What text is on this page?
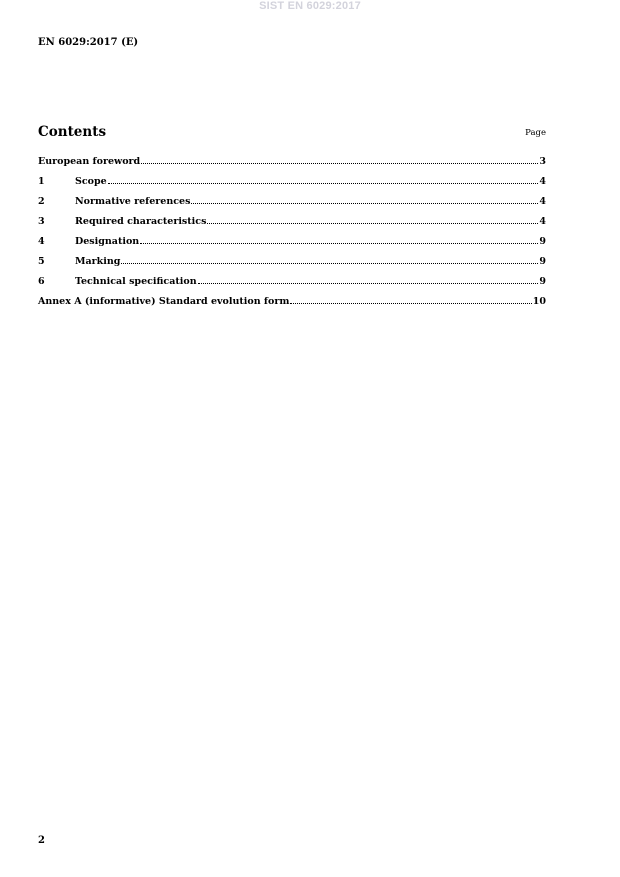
SIST EN 6029:2017
EN 6029:2017 (E)
Contents	Page
European foreword	3
1	Scope	4
2	Normative references	4
3	Required characteristics	4
4	Designation	9
5	Marking	9
6	Technical specification	9
Annex A (informative) Standard evolution form	10
2
